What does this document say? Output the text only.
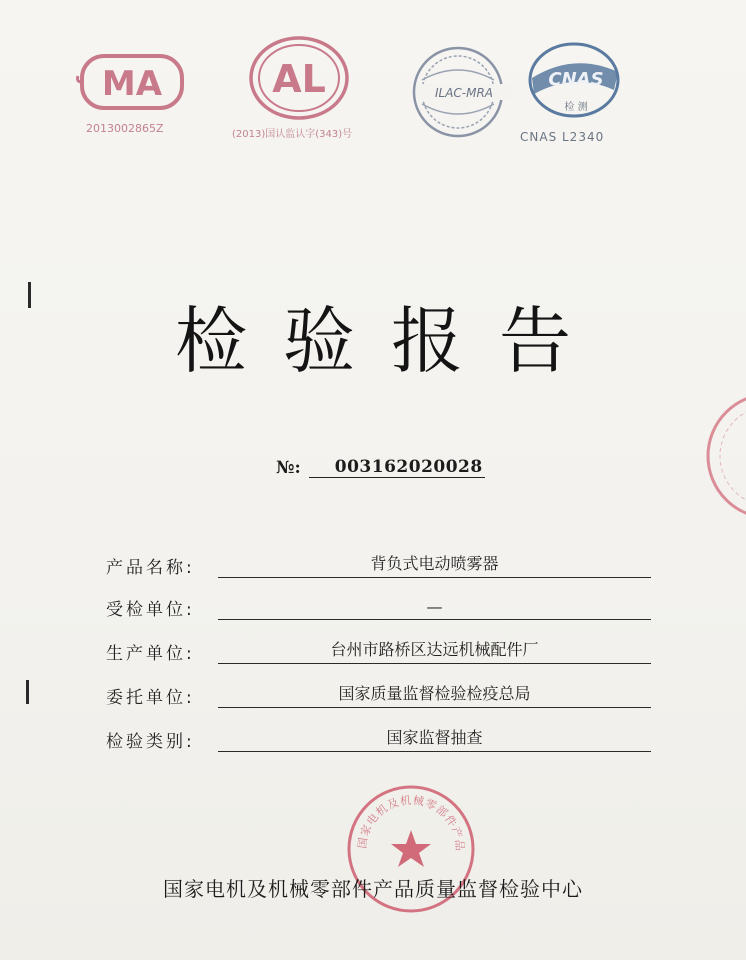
MA
2013002865Z
AL
(2013)国认监认字(343)号
ILAC-MRA
CNAS
检 测
CNAS L2340
检验报告
№:	003162020028
产品名称:	背负式电动喷雾器
受检单位:	—
生产单位:	台州市路桥区达远机械配件厂
委托单位:	国家质量监督检验检疫总局
检验类别:	国家监督抽查
国家电机及机械零部件产品
国家电机及机械零部件产品质量监督检验中心
